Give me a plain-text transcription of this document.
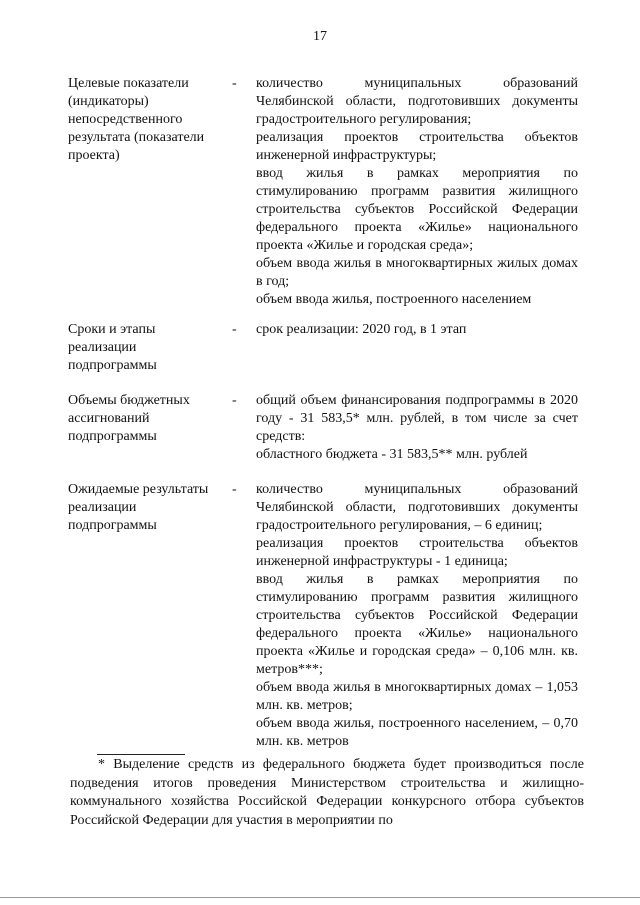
17
Целевые показатели (индикаторы) непосредственного результата (показатели проекта)
- количество муниципальных образований Челябинской области, подготовивших документы градостроительного регулирования;

реализация проектов строительства объектов инженерной инфраструктуры;

ввод жилья в рамках мероприятия по стимулированию программ развития жилищного строительства субъектов Российской Федерации федерального проекта «Жилье» национального проекта «Жилье и городская среда»;

объем ввода жилья в многоквартирных жилых домах в год;

объем ввода жилья, построенного населением

Сроки и этапы реализации подпрограммы
- срок реализации: 2020 год, в 1 этап

Объемы бюджетных ассигнований подпрограммы
- общий объем финансирования подпрограммы в 2020 году - 31 583,5* млн. рублей, в том числе за счет средств:

областного бюджета - 31 583,5** млн. рублей

Ожидаемые результаты реализации подпрограммы
- количество муниципальных образований Челябинской области, подготовивших документы градостроительного регулирования, – 6 единиц;

реализация проектов строительства объектов инженерной инфраструктуры - 1 единица;

ввод жилья в рамках мероприятия по стимулированию программ развития жилищного строительства субъектов Российской Федерации федерального проекта «Жилье» национального проекта «Жилье и городская среда» – 0,106 млн. кв. метров***;

объем ввода жилья в многоквартирных домах – 1,053 млн. кв. метров;

объем ввода жилья, построенного населением, – 0,70 млн. кв. метров

* Выделение средств из федерального бюджета будет производиться после подведения итогов проведения Министерством строительства и жилищно-коммунального хозяйства Российской Федерации конкурсного отбора субъектов Российской Федерации для участия в мероприятии по
